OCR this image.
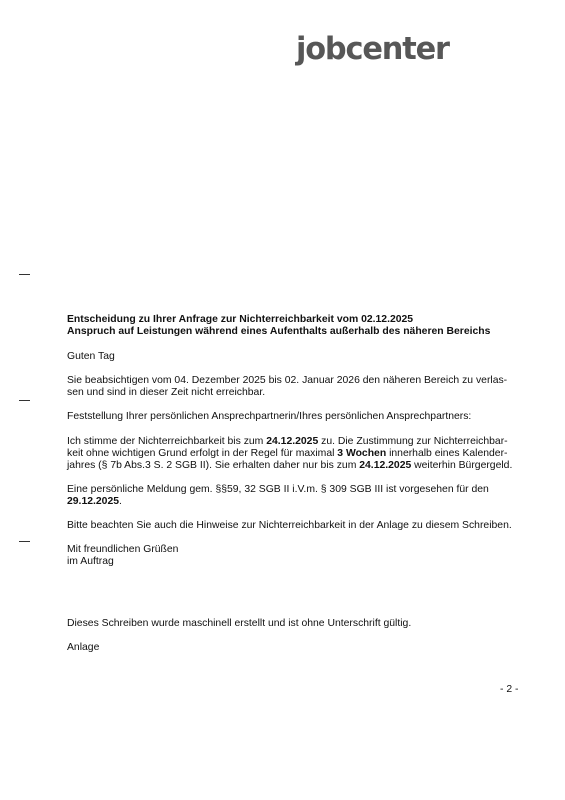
jobcenter

Entscheidung zu Ihrer Anfrage zur Nichterreichbarkeit vom 02.12.2025

Anspruch auf Leistungen während eines Aufenthalts außerhalb des näheren Bereichs

Guten Tag

Sie beabsichtigen vom 04. Dezember 2025 bis 02. Januar 2026 den näheren Bereich zu verlas-

sen und sind in dieser Zeit nicht erreichbar.

Feststellung Ihrer persönlichen Ansprechpartnerin/Ihres persönlichen Ansprechpartners:

Ich stimme der Nichterreichbarkeit bis zum 24.12.2025 zu. Die Zustimmung zur Nichterreichbar-

keit ohne wichtigen Grund erfolgt in der Regel für maximal 3 Wochen innerhalb eines Kalender-

jahres (§ 7b Abs.3 S. 2 SGB II). Sie erhalten daher nur bis zum 24.12.2025 weiterhin Bürgergeld.

Eine persönliche Meldung gem. §§59, 32 SGB II i.V.m. § 309 SGB III ist vorgesehen für den

29.12.2025.

Bitte beachten Sie auch die Hinweise zur Nichterreichbarkeit in der Anlage zu diesem Schreiben.

Mit freundlichen Grüßen

im Auftrag

Dieses Schreiben wurde maschinell erstellt und ist ohne Unterschrift gültig.

Anlage

- 2 -
